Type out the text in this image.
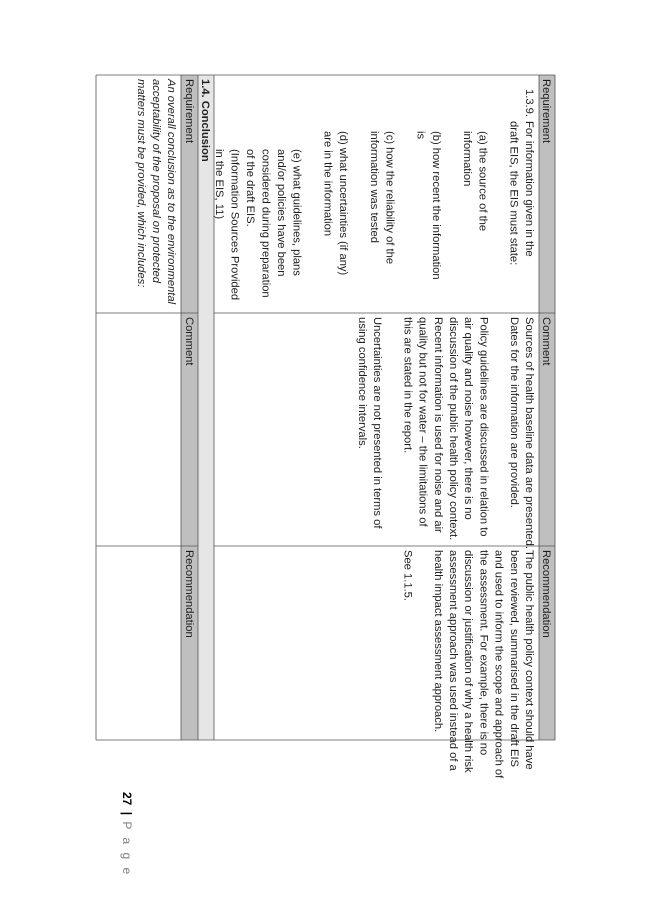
Requirement
Comment
Recommendation
1.3.9.
For information given in the
draft EIS, the EIS must state:
(a) the source of the
information
(b) how recent the information
is
(c) how the reliability of the
information was tested
(d) what uncertainties (if any)
are in the information
(e) what guidelines, plans
and/or policies have been
considered during preparation
of the draft EIS.
(Information Sources Provided
in the EIS, 11)
Sources of health baseline data are presented.
Dates for the information are provided.
Policy guidelines are discussed in relation to
air quality and noise however, there is no
discussion of the public health policy context.
Recent information is used for noise and air
quality but not for water – the limitations of
this are stated in the report.
Uncertainties are not presented in terms of
using confidence intervals.
The public health policy context should have
been reviewed, summarised in the draft EIS
and used to inform the scope and approach of
the assessment. For example, there is no
discussion or justification of why a health risk
assessment approach was used instead of a
health impact assessment approach.
See 1.1.5.
1.4. Conclusion
Requirement
Comment
Recommendation
An overall conclusion as to the environmental
acceptability of the proposal on protected
matters must be provided, which includes:
27 | P a g e
